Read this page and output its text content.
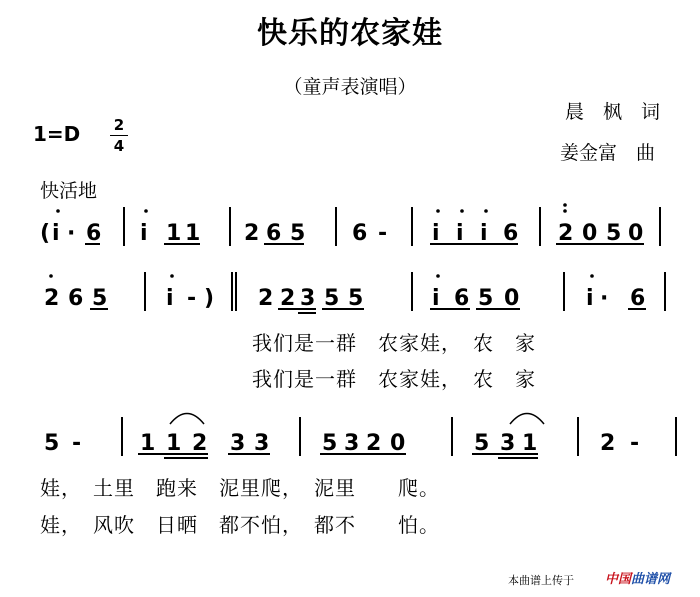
快乐的农家娃
（童声表演唱）
晨　枫　词
姜金富　曲
1=D 2
4
快活地
( i · 6 i 1 1 2 6 5 6 - i i i 6 2 0 5 0
2 6 5	i - ) 2 2 3 5 5	i 6 5 0	i · 6
5 -	1 1 2 3 3 5 3 2 0	5 3 1	2 -
我们是一群　农家娃，　农　家
我们是一群　农家娃，　农　家
娃，　土里　跑来　泥里爬，　泥里　　爬。
娃，　风吹　日晒　都不怕，　都不　　怕。
本曲谱上传于 中国曲谱网
